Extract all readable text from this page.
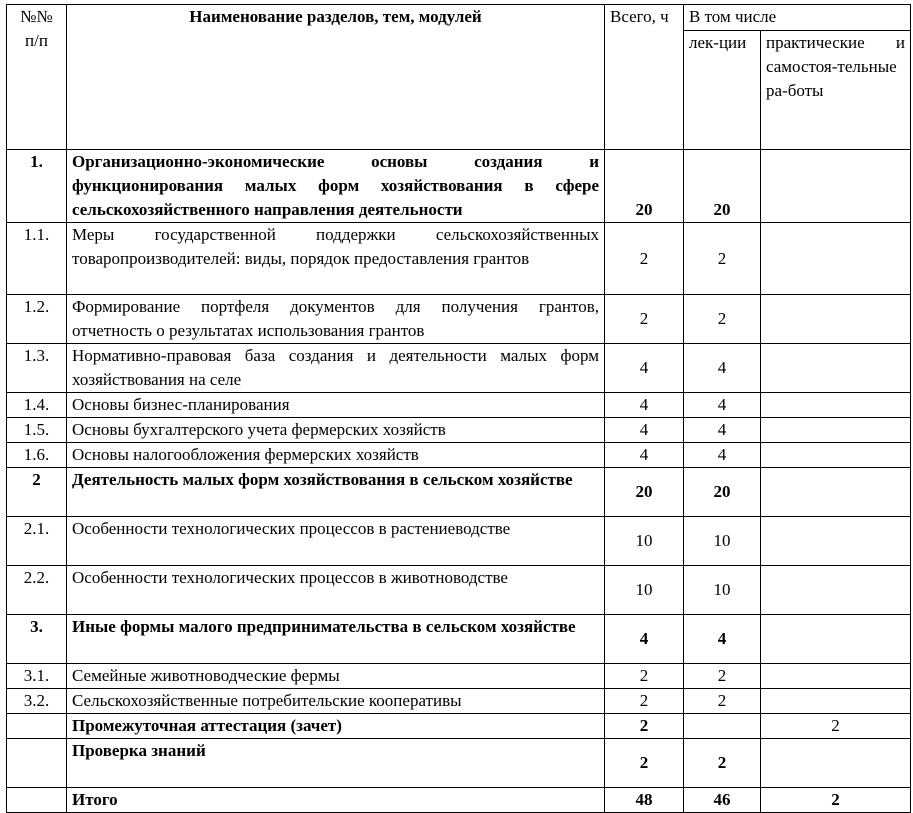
№№ п/п	Наименование разделов, тем, модулей	Всего, ч	В том числе	
			лек-ции	практические и самостоя-тельные ра-боты
1.	Организационно-экономические основы создания и функционирования малых форм хозяйствования в сфере сельскохозяйственного направления деятельности	20	20	
1.1.	Меры государственной поддержки сельскохозяйственных товаропроизводителей: виды, порядок предоставления грантов	2	2	
1.2.	Формирование портфеля документов для получения грантов, отчетность о результатах использования грантов	2	2	
1.3.	Нормативно-правовая база создания и деятельности малых форм хозяйствования на селе	4	4	
1.4.	Основы бизнес-планирования	4	4	
1.5.	Основы бухгалтерского учета фермерских хозяйств	4	4	
1.6.	Основы налогообложения фермерских хозяйств	4	4	
2	Деятельность малых форм хозяйствования в сельском хозяйстве	20	20	
2.1.	Особенности технологических процессов в растениеводстве	10	10	
2.2.	Особенности технологических процессов в животноводстве	10	10	
3.	Иные формы малого предпринимательства в сельском хозяйстве	4	4	
3.1.	Семейные животноводческие фермы	2	2	
3.2.	Сельскохозяйственные потребительские кооперативы	2	2	
	Промежуточная аттестация (зачет)	2		2
	Проверка знаний	2	2	
	Итого	48	46	2
